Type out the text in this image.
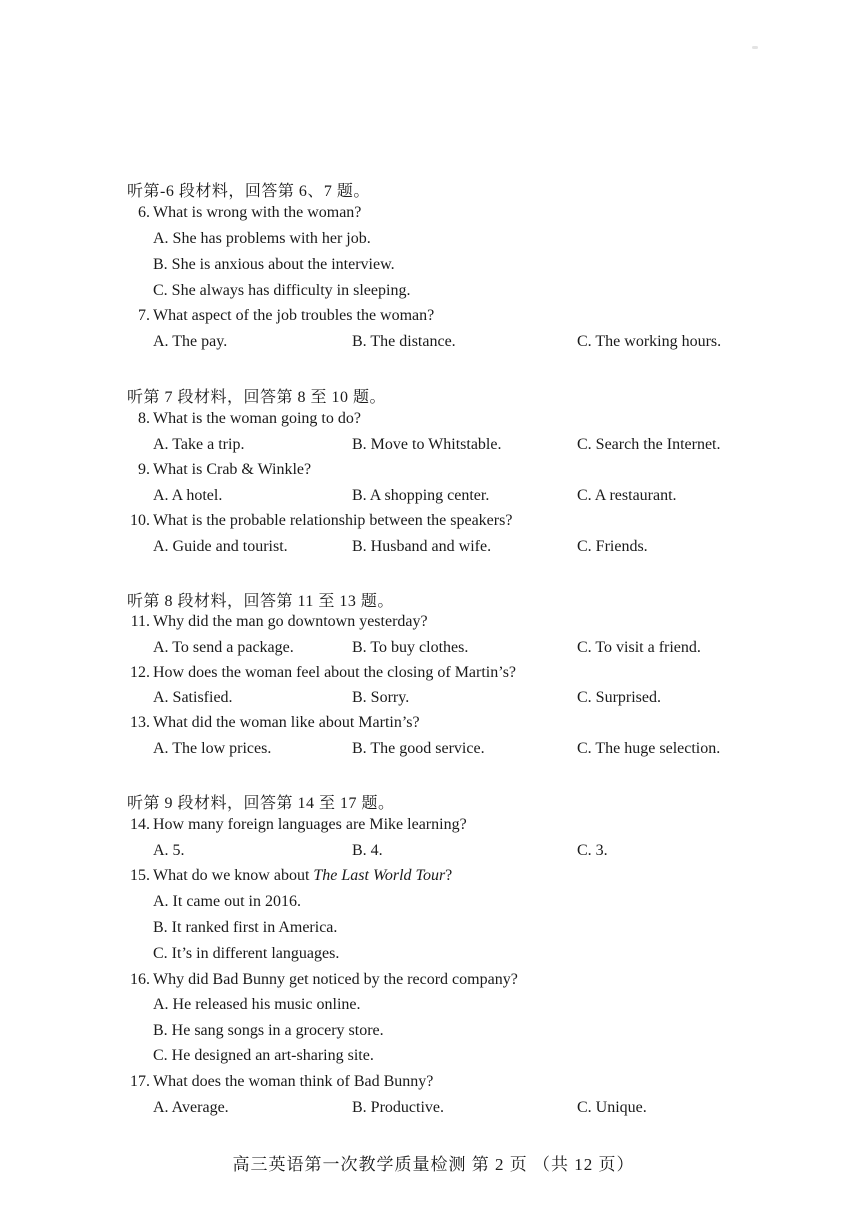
听第-6 段材料，回答第 6、7 题。
6. What is wrong with the woman?
A. She has problems with her job.
B. She is anxious about the interview.
C. She always has difficulty in sleeping.
7. What aspect of the job troubles the woman?
A. The pay.	B. The distance.	C. The working hours.
听第 7 段材料，回答第 8 至 10 题。
8. What is the woman going to do?
A. Take a trip.	B. Move to Whitstable.	C. Search the Internet.
9. What is Crab & Winkle?
A. A hotel.	B. A shopping center.	C. A restaurant.
10. What is the probable relationship between the speakers?
A. Guide and tourist.	B. Husband and wife.	C. Friends.
听第 8 段材料，回答第 11 至 13 题。
11. Why did the man go downtown yesterday?
A. To send a package.	B. To buy clothes.	C. To visit a friend.
12. How does the woman feel about the closing of Martin’s?
A. Satisfied.	B. Sorry.	C. Surprised.
13. What did the woman like about Martin’s?
A. The low prices.	B. The good service.	C. The huge selection.
听第 9 段材料，回答第 14 至 17 题。
14. How many foreign languages are Mike learning?
A. 5.	B. 4.	C. 3.
15. What do we know about The Last World Tour?
A. It came out in 2016.
B. It ranked first in America.
C. It’s in different languages.
16. Why did Bad Bunny get noticed by the record company?
A. He released his music online.
B. He sang songs in a grocery store.
C. He designed an art-sharing site.
17. What does the woman think of Bad Bunny?
A. Average.	B. Productive.	C. Unique.
高三英语第一次教学质量检测 第 2 页 （共 12 页）
